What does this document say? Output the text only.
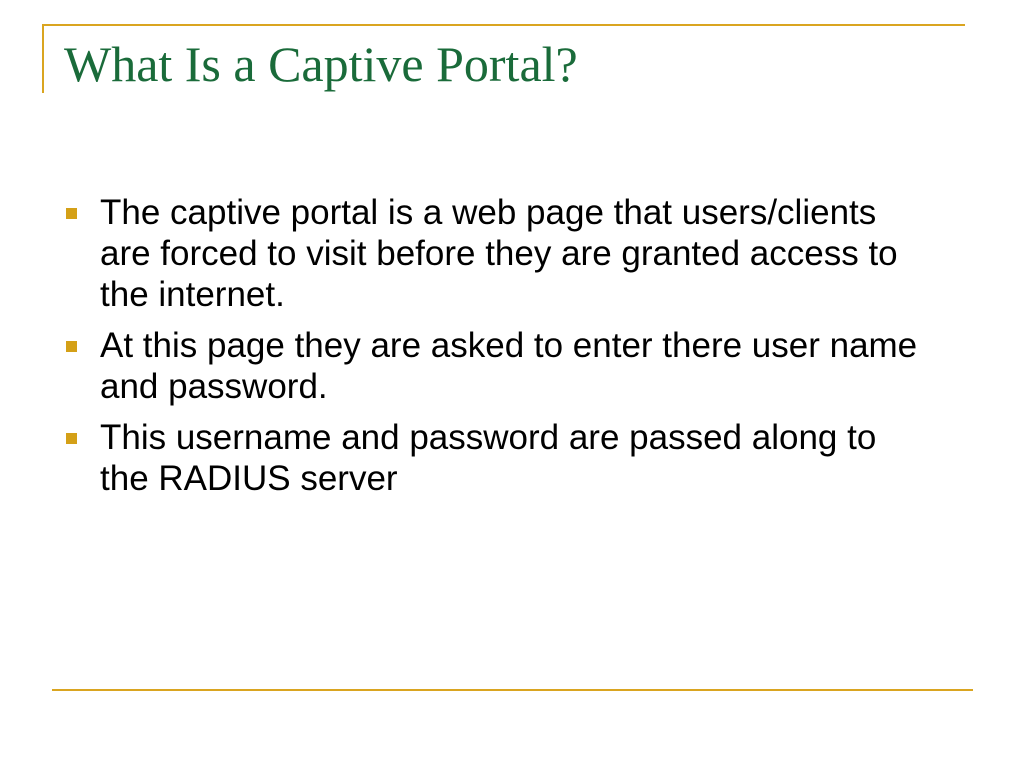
What Is a Captive Portal?
The captive portal is a web page that users/clients are forced to visit before they are granted access to the internet.
At this page they are asked to enter there user name and password.
This username and password are passed along to the RADIUS server
